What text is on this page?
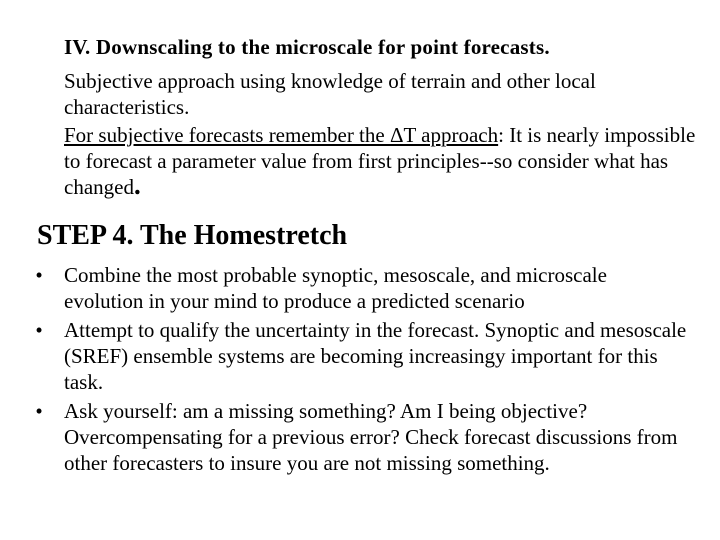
IV. Downscaling to the microscale for point forecasts.

Subjective approach using knowledge of terrain and other local characteristics.

For subjective forecasts remember the ΔT approach: It is nearly impossible to forecast a parameter value from first principles--so consider what has changed.

STEP 4. The Homestretch
• Combine the most probable synoptic, mesoscale, and microscale evolution in your mind to produce a predicted scenario
• Attempt to qualify the uncertainty in the forecast. Synoptic and mesoscale (SREF) ensemble systems are becoming increasingy important for this task.
• Ask yourself: am a missing something? Am I being objective? Overcompensating for a previous error? Check forecast discussions from other forecasters to insure you are not missing something.
